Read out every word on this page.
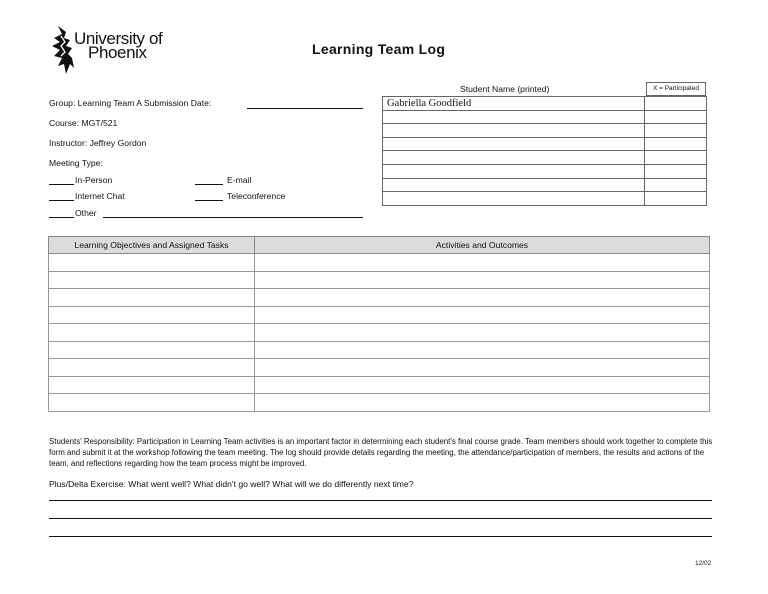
University of
Phoenix	Learning Team Log
Group: Learning Team A Submission Date:
Course: MGT/521
Instructor: Jeffrey Gordon
Meeting Type:
In-Person	E-mail
Internet Chat	Teleconference
Other
Student Name (printed)	X = Participated
Gabriella Goodfield	

Learning Objectives and Assigned Tasks	Activities and Outcomes

Students' Responsibility: Participation in Learning Team activities is an important factor in determining each student's final course grade. Team members should work together to complete this form and submit it at the workshop following the team meeting. The log should provide details regarding the meeting, the attendance/participation of members, the results and actions of the team, and reflections regarding how the team process might be improved.
Plus/Delta Exercise: What went well? What didn't go well? What will we do differently next time?
12/02
